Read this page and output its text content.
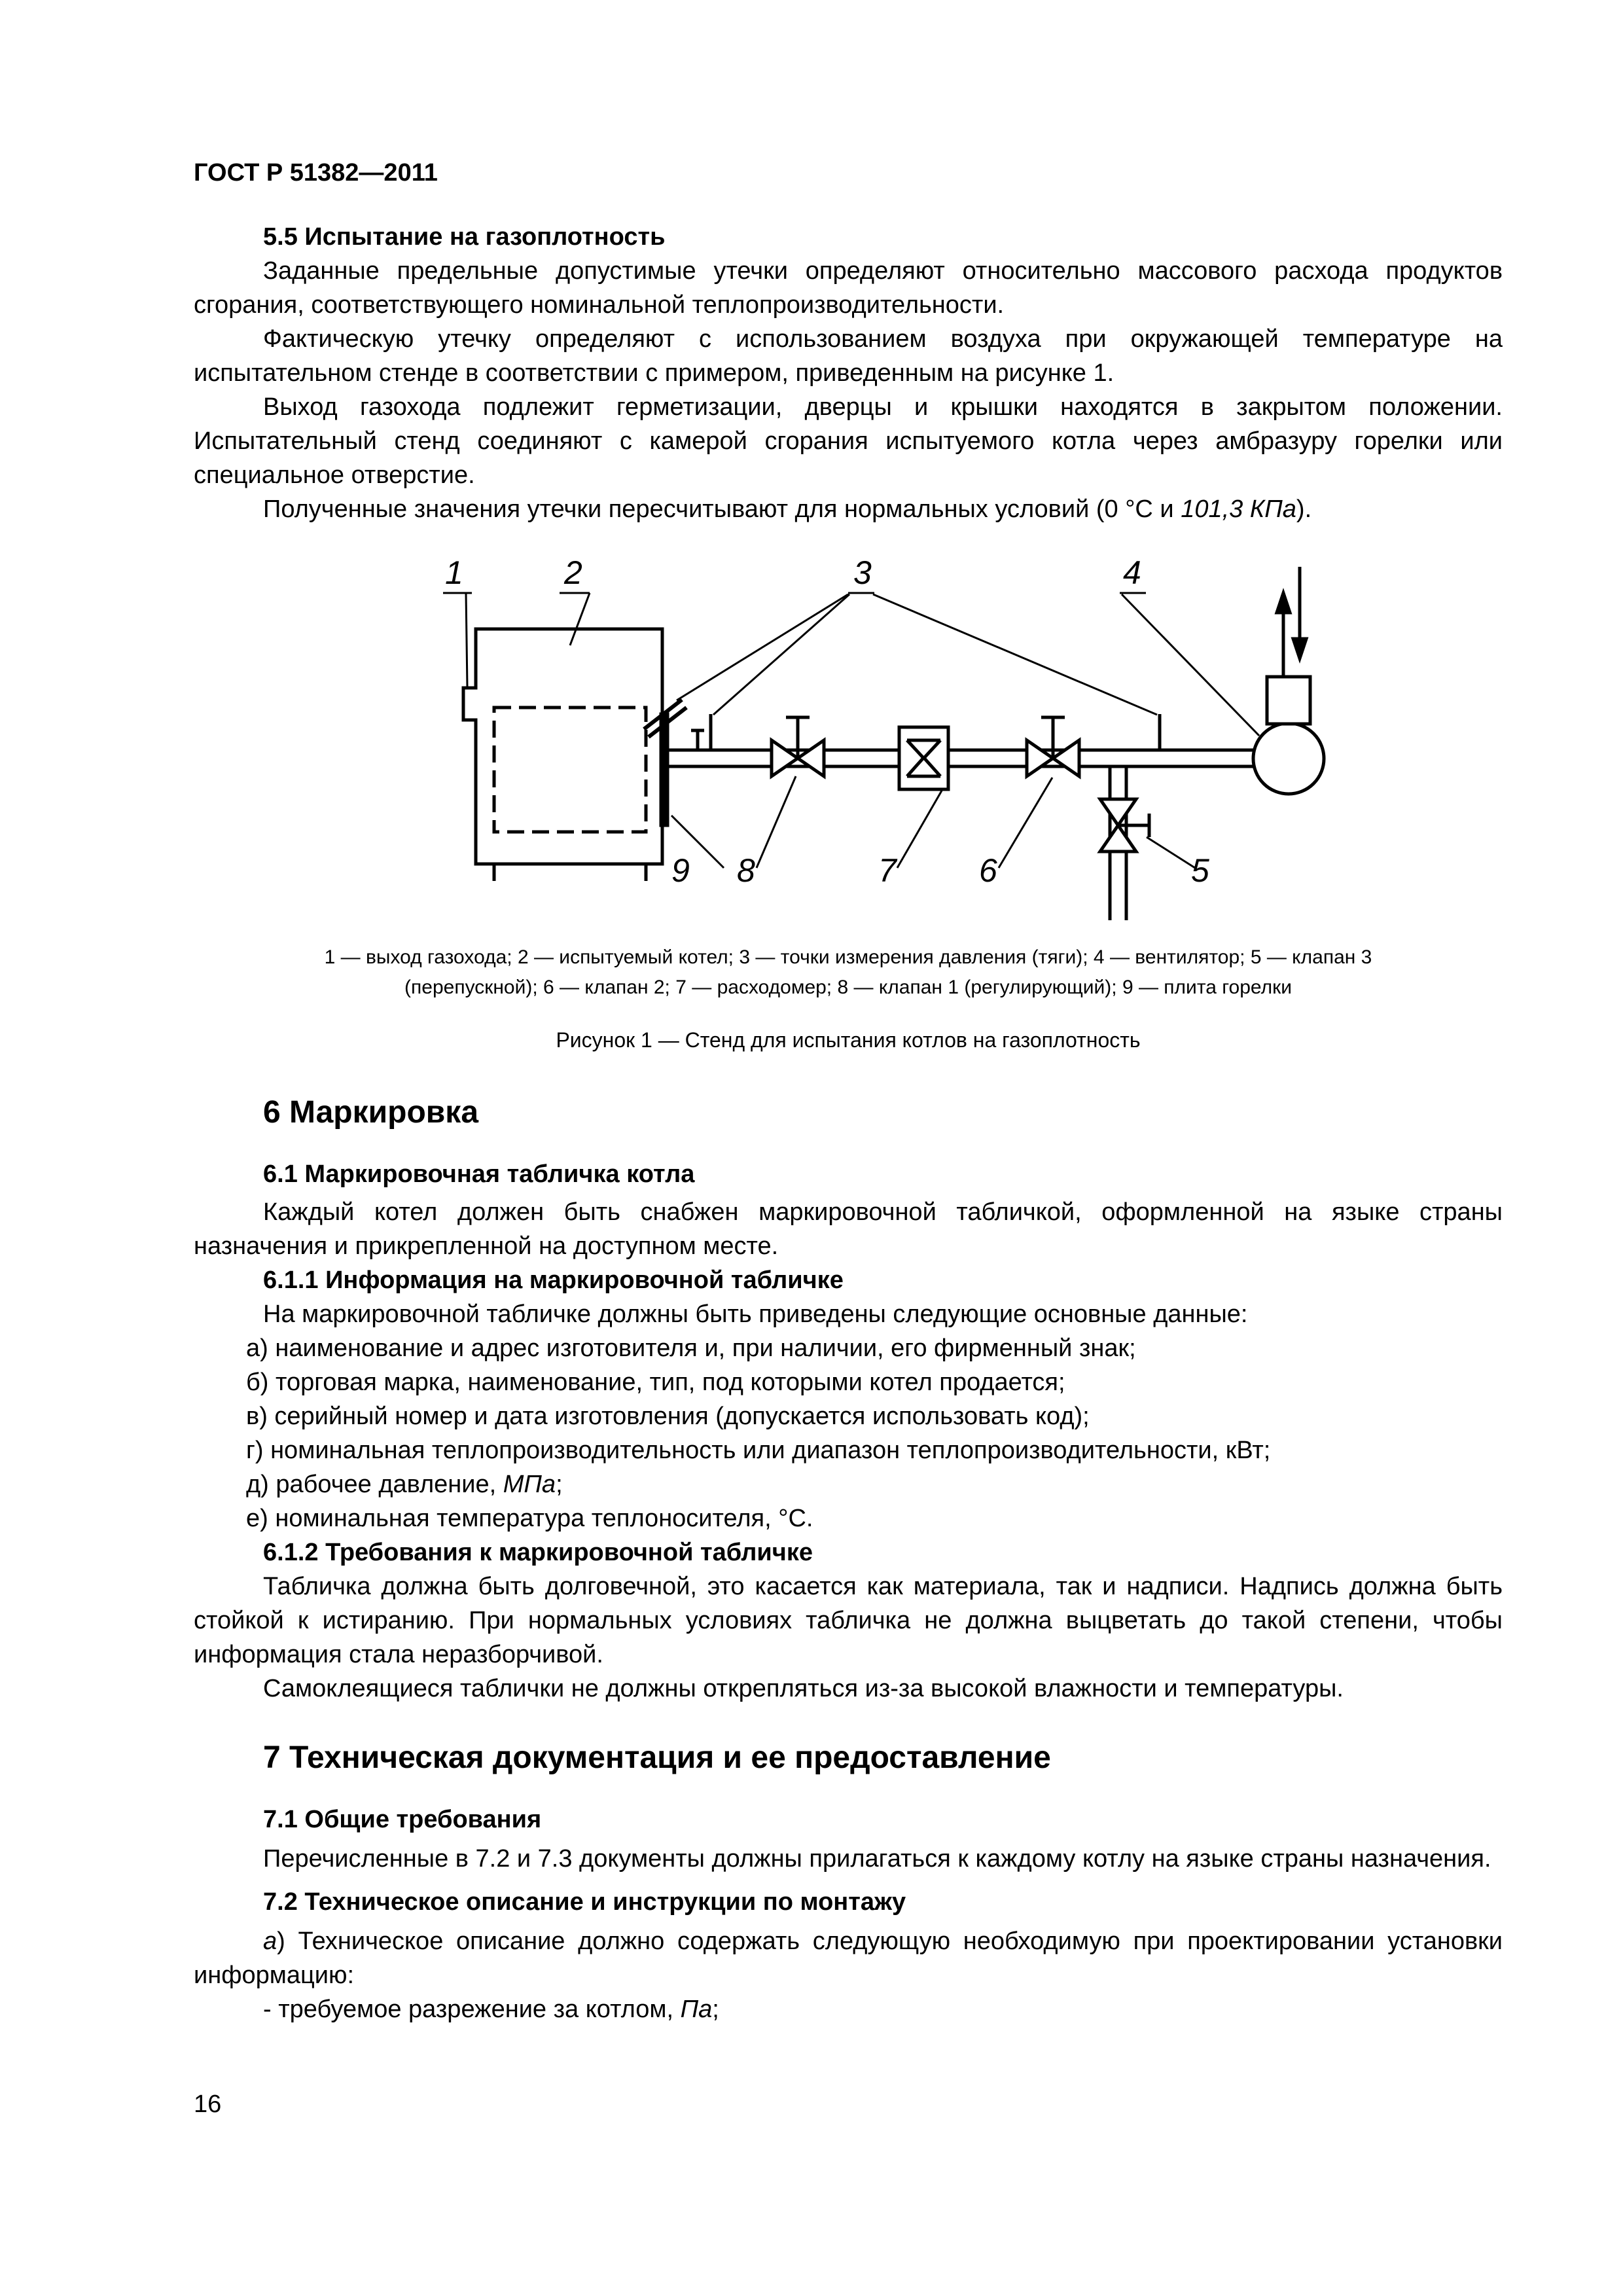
ГОСТ Р 51382—2011
5.5 Испытание на газоплотность

Заданные предельные допустимые утечки определяют относительно массового расхода продуктов сгорания, соответствующего номинальной теплопроизводительности.

Фактическую утечку определяют с использованием воздуха при окружающей температуре на испытательном стенде в соответствии с примером, приведенным на рисунке 1.

Выход газохода подлежит герметизации, дверцы и крышки находятся в закрытом положении. Испытательный стенд соединяют с камерой сгорания испытуемого котла через амбразуру горелки или специальное отверстие.

Полученные значения утечки пересчитывают для нормальных условий (0 °С и 101,3 КПа).

1	2	3	4
5
6
7
8
9

1 — выход газохода; 2 — испытуемый котел; 3 — точки измерения давления (тяги); 4 — вентилятор; 5 — клапан 3

(перепускной); 6 — клапан 2; 7 — расходомер; 8 — клапан 1 (регулирующий); 9 — плита горелки

Рисунок 1 — Стенд для испытания котлов на газоплотность

6 Маркировка
6.1 Маркировочная табличка котла

Каждый котел должен быть снабжен маркировочной табличкой, оформленной на языке страны назначения и прикрепленной на доступном месте.

6.1.1 Информация на маркировочной табличке

На маркировочной табличке должны быть приведены следующие основные данные:

а) наименование и адрес изготовителя и, при наличии, его фирменный знак;

б) торговая марка, наименование, тип, под которыми котел продается;

в) серийный номер и дата изготовления (допускается использовать код);

г) номинальная теплопроизводительность или диапазон теплопроизводительности, кВт;

д) рабочее давление, МПа;

е) номинальная температура теплоносителя, °С.

6.1.2 Требования к маркировочной табличке

Табличка должна быть долговечной, это касается как материала, так и надписи. Надпись должна быть стойкой к истиранию. При нормальных условиях табличка не должна выцветать до такой степени, чтобы информация стала неразборчивой.

Самоклеящиеся таблички не должны открепляться из-за высокой влажности и температуры.

7 Техническая документация и ее предоставление
7.1 Общие требования

Перечисленные в 7.2 и 7.3 документы должны прилагаться к каждому котлу на языке страны назначения.

7.2 Техническое описание и инструкции по монтажу

а) Техническое описание должно содержать следующую необходимую при проектировании установки информацию:

- требуемое разрежение за котлом, Па;

16
